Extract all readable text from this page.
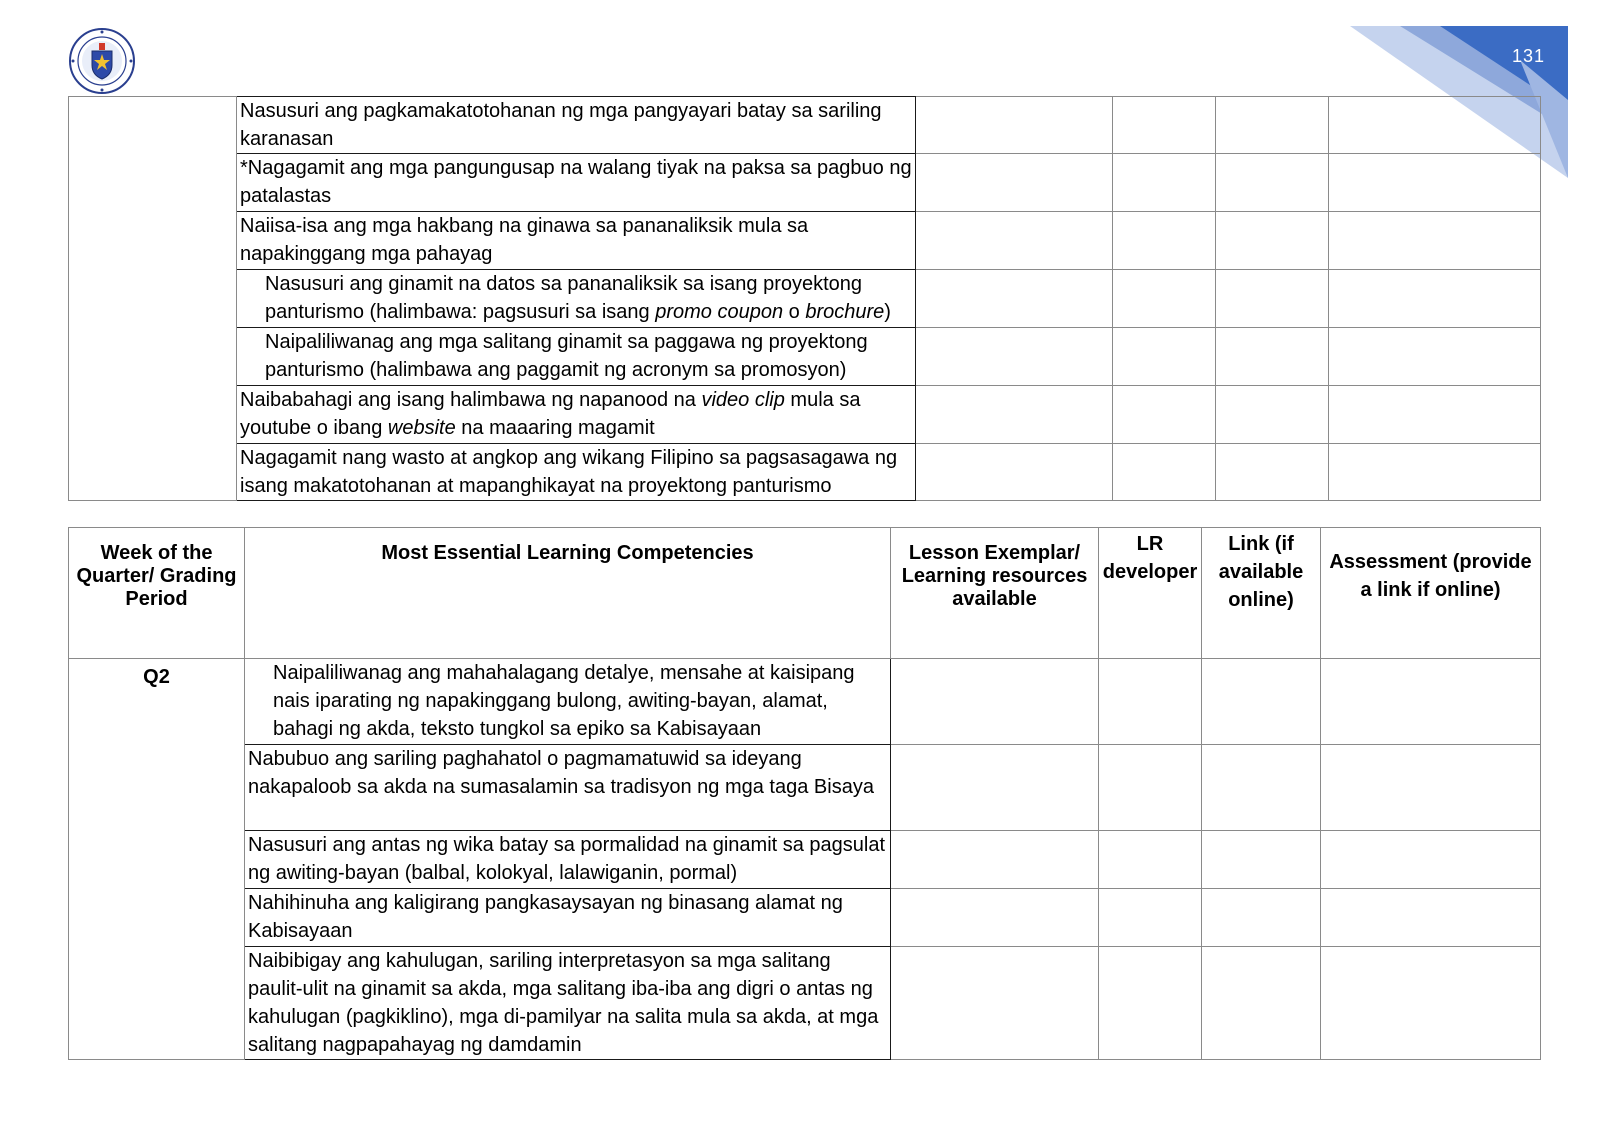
131
	Nasusuri ang pagkamakatotohanan ng mga pangyayari batay sa sariling karanasan				
	*Nagagamit ang mga pangungusap na walang tiyak na paksa sa pagbuo ng patalastas				
	Naiisa-isa ang mga hakbang na ginawa sa pananaliksik mula sa napakinggang mga pahayag				
	Nasusuri ang ginamit na datos sa pananaliksik sa isang proyektong panturismo (halimbawa: pagsusuri sa isang promo coupon o brochure)				
	Naipaliliwanag ang mga salitang ginamit sa paggawa ng proyektong panturismo (halimbawa ang paggamit ng acronym sa promosyon)				
	Naibabahagi ang isang halimbawa ng napanood na video clip mula sa youtube o ibang website na maaaring magamit				
	Nagagamit nang wasto at angkop ang wikang Filipino sa pagsasagawa ng isang makatotohanan at mapanghikayat na proyektong panturismo				
Week of the Quarter/ Grading Period	Most Essential Learning Competencies	Lesson Exemplar/ Learning resources available	LR developer	Link (if available online)	Assessment (provide a link if online)
Q2	Naipaliliwanag ang mahahalagang detalye, mensahe at kaisipang nais iparating ng napakinggang bulong, awiting-bayan, alamat, bahagi ng akda, teksto tungkol sa epiko sa Kabisayaan				
	Nabubuo ang sariling paghahatol o pagmamatuwid sa ideyang nakapaloob sa akda na sumasalamin sa tradisyon ng mga taga Bisaya				
	Nasusuri ang antas ng wika batay sa pormalidad na ginamit sa pagsulat ng awiting-bayan (balbal, kolokyal, lalawiganin, pormal)				
	Nahihinuha ang kaligirang pangkasaysayan ng binasang alamat ng Kabisayaan				
	Naibibigay ang kahulugan, sariling interpretasyon sa mga salitang paulit-ulit na ginamit sa akda, mga salitang iba-iba ang digri o antas ng kahulugan (pagkiklino), mga di-pamilyar na salita mula sa akda, at mga salitang nagpapahayag ng damdamin				
